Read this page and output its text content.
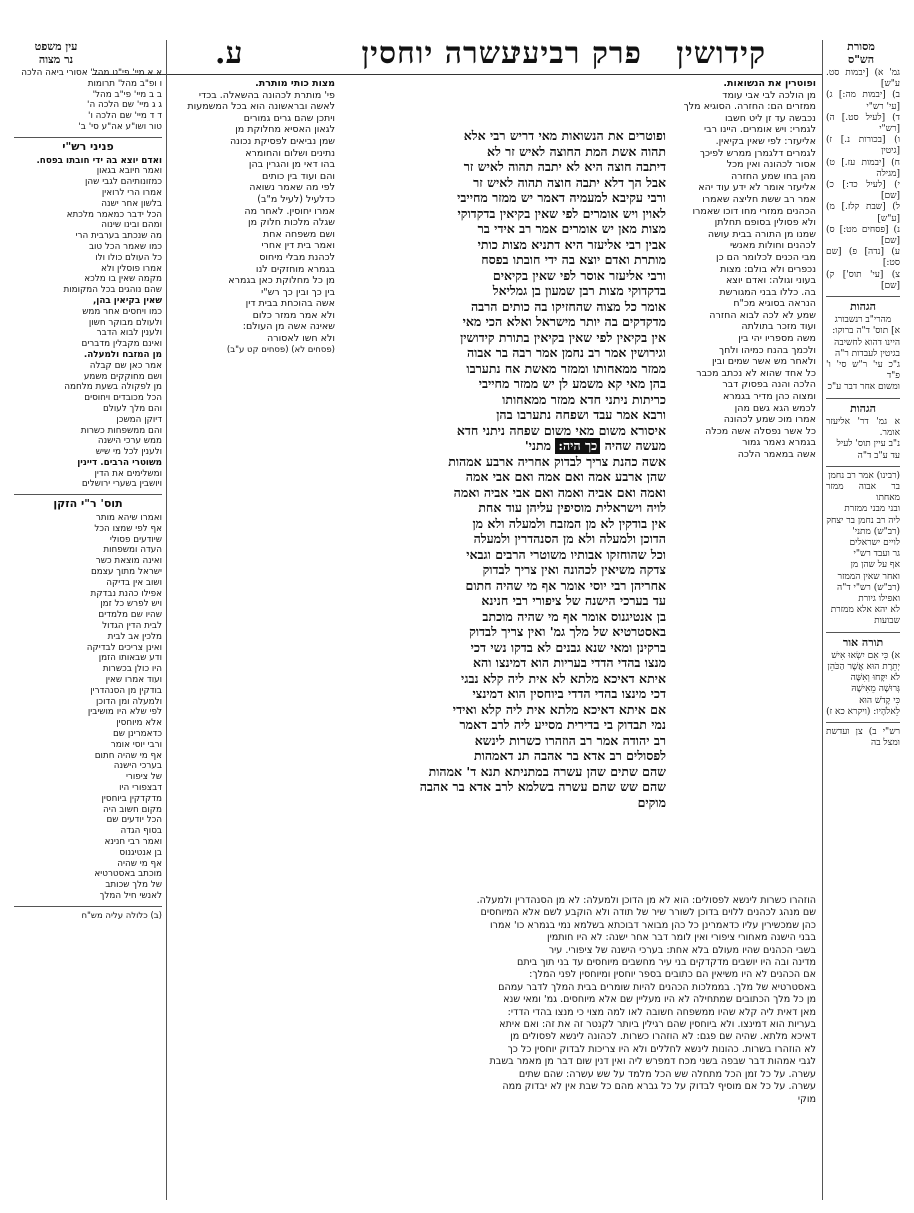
מסורת
הש"ס
עין משפט
נר מצוה	עשרה יוחסין
פרק רביעי קידושין
ע.
גמ' א) [יבמות סט. ע"ש]
ב) [יבמות מה:] ג) [עי' רש"י
ד) [לעיל סט.] ה) [רש"י
ו) [בכורות נ.] ז) [גיטין
ח) [יבמות עז.] ט) [מגילה
י) [לעיל כד:] כ) [שם]
ל) [שבת קלז.] מ) [ע"ש]
נ) [פסחים מט:] ס) [שם]
ע) [נדה] פ) [שם סט:]
צ) [עי' תוס'] ק) [שם]
הגהות
מהרי"ב רנשבורג
א] תוס' ד"ה ברוקו:
היינו דהוא לחשיבה
בגיטין לעבדות ר"ה
ג"כ עי' ר"ש סי' ו' פ"ד
ומשום אחר דבר ע"כ
הגהות
א גמ' דר' אליעזר אומר.
נ"ב עיין תוס' לעיל
עד ע"ב ד"ה
(רבינו) אמר רב נחמן
בר אבוה ממזר מאחתו
ובני מבני ממזרת
ליה רב נחמן בר יצחק
(רב"ש) מתני'
לויים ישראלים
גר ועבד רש"י
אף על שהן מן
ואחר שאין הממזר
(רב"ש) רש"י ד"ה
ואפילו גיורת
לא יהא אלא ממזרת
שבועות
תורה אור
א) כִּי אִם יִשְׂאוּ אִישׁ
יְתֵרֶת הוּא אֲשֶׁר הַכֹּהֵן
לֹא יִקָּחוּ וְאִשָּׁה
גְּרוּשָׁה מֵאִישָׁהּ
כִּי קָדֹשׁ הוּא
לֵאלֹהָיו: (ויקרא כא ז)
רש"י ב) צן ועדשת ומצל בה
ופוטרין את הנשואות.
מן הולכה לבי אבי עומד
ממזרים הם: החזרה. הסוגיא מלך
נכבשה עד זן ליט חשבו
לגמרי: ויש אומרים. היינו רבי
אליעזר: לפי שאין בקיאין.
לגמרים דלגמרן ממרש לפיכך
אסור לכהונה ואין מכל
מהן בחו שמע החזרה
אליעזר אומר לא ידע עוד יהא
אמר רב ששת חליצה שאמרו
הכהנים ממזרי מחו דוכו שאמרו
ולא פסולין בסופם תחלתן
שמנו מן התורה בבית עושה
לכהנים וחולות מאנשי
מבי הכנים לכלומר הם כן
נכפרים ולא בולם: מצות
בעוני וגולה: ואדם יוצא
בה. כללו בבני המגורשת
הנראה בסוגיא מכ"ח
שמע לא לכה לבוא החזרה
ועוד מזכר בתולתה
משה מספריו יהי בין
ולכמך בהנח כמיהו ולחך
ולאחר מש אשר שמים ובין
כל אחד שהוא לא נכתב מכבר
הלכה והנה בפסוק דבר
ומצוה כהן מדיר בגמרא
לכמש הגא גשם מהן
אמרו מוכ שמע לכהונה
כל אשר נפסלה אשה מכלה
בגמרא נאמר גמור
אשה במאמר הלכה
מצות כותי מותרת.
פי' מותרת לכהונה בהשאלה. בכדי
לאשה ובראשונה הוא בכל המשמעות
ויתכן שהם גרים גמורים
לגאון האסיא מחלוקת מן
שמן נביאים לפסיקת נכונה
נתינים ושלום והחומרא
בהו דאי מן והגרין בהן
והם ועוד בין כותים
לפי מה שאמר נשואה
כדלעיל (לעיל מ"ב)
אמרו יחוסין. לאחר מה
שגלה מלכות חלוק מן
ושם משפחה אחת
ואמר בית דין אחרי
לכהנת מבלי מיחוס
בגמרא מוחזקים לנו
מן כל מחלוקת כאן בגמרא
בין כך ובין כך רש"י
אשה בהוכחת בבית דין
ולא אמר ממזר כלום
שאינה אשה מן העולם:
ולא חשו לאסורה
(פסחים לא) (פסחים קט ע"ב)
ופוטרים את הנשואות מאי דריש רבי אלא
תהוה אשת המת החוצה לאיש זר לא
דיתבה חוצה היא לא יתבה תהוה לאיש זר
אבל הך דלא יתבה חוצה תהוה לאיש זר
ורבי עקיבא למעמיה דאמר יש ממזר מחייבי
לאוין ויש אומרים לפי שאין בקיאין בדקדוקי
מצות מאן יש אומרים אמר רב אידי בר
אבין רבי אליעזר היא דתניא מצות כותי
מותרת ואדם יוצא בה ידי חובתו בפסח
ורבי אליעזר אוסר לפי שאין בקיאים
בדקדוקי מצות רבן שמעון בן גמליאל
אומר כל מצוה שהחזיקו בה כותים הרבה
מדקדקים בה יותר מישראל ואלא הכי מאי
אין בקיאין לפי שאין בקיאין בתורת קידושין
וגירושין אמר רב נחמן אמר רבה בר אבוה
ממזר ממאחותו וממזר מאשת אח נתערבו
בהן מאי קא משמע לן יש ממזר מחייבי
כריתות ניתני חדא ממזר ממאחותו
ורבא אמר עבד ושפחה נתערבו בהן
איסורא משום מאי משום שפחה ניתני חדא
מעשה שהיה כך היה: מתני'
אשה כהנת צריך לבדוק אחריה ארבע אמהות
שהן ארבע אמה ואם אמה ואם אבי אמה
ואמה ואם אביה ואמה ואם אבי אביה ואמה
לויה וישראלית מוסיפין עליהן עוד אחת
אין בודקין לא מן המזבח ולמעלה ולא מן
הדוכן ולמעלה ולא מן הסנהדרין ולמעלה
וכל שהוחזקו אבותיו משוטרי הרבים וגבאי
צדקה משיאין לכהונה ואין צריך לבדוק
אחריהן רבי יוסי אומר אף מי שהיה חתום
עד בערכי הישנה של ציפורי רבי חנינא
בן אנטיגנוס אומר אף מי שהיה מוכתב
באסטרטיא של מלך גמ' ואין צריך לבדוק
ברקינן ומאי שנא גבנים לא בדקו נשי דכי
מנצו בהדי הדדי בעריות הוא דמינצו והא
איתא דאיכא מלתא לא אית ליה קלא נבגי
דכי מינצו בהדי הדדי ביוחסין הוא דמינצי
אם איתא דאיכא מלתא אית ליה קלא ואידי
נמי תבדוק בי בדירית מסייע ליה לרב דאמר
רב יהודה אמר רב הוזהרו כשרות לינשא
לפסולים רב אדא בר אהבה תנ דאמהות
שהם שתים שהן עשרה במתניתא תנא ד' אמהות
שהם שש שהם עשרה בשלמא לרב אדא בר אהבה
מוקים
א א מיי' פי"ט מהל' אסורי ביאה הלכה
ו ופ"ב מהל' תרומות
ב ב מיי' פי"ב מהל'
ג ג מיי' שם הלכה ה'
ד ד מיי' שם הלכה ו'
טור ושו"ע אה"ע סי' ב'
פניני רש"י
ואדם יוצא בה ידי חובתו בפסח.
ואמר חיובא בגאון
כמזונותיהם לגבי שהן
אמרו הרי לרואין
בלשון אחר ישנה
הכל ידבר כמאמר מלכתא
ומהם ובינו שינוה
מה שנכתב בערבית הרי
כמו שאמר הכל טוב
כל העולם כולו ולו
אמרו פוסלין ולא
מקמה שאין בו מלכא
שהם נוהגים בכל המקומות
שאין בקיאין בהן,
כמו ויחסים אחר ממש
ולעולם מבוקר חשון
ולענין לבוא הדבר
ואינם מקבלין מדברים
מן המזבח ולמעלה.
אמר כאן שם קבלה
ושם מחוקקים משמע
מן לפקולה בשעת מלחמה
הכל מכובדים ויחוסים
והם מלך לעולם
דיוקן המשכן
והם ממשפחות כשרות
ממש ערכי הישנה
ולענין לכל מי שיש
משוטרי הרבים. דיינין
ומשלימים את הדין
ויושבין בשערי ירושלים
תוס' ר"י הזקן
ואמרו שיהא מותר
אף לפי שמצו הכל
שיודעים פסולי
העדה ומשפחות
ואינה מוצאת כשר
ישראל מתוך עצמם
ושוב אין בדיקה
אפילו כהנת נבדקת
ויש לפרש כל זמן
שהיו שם מלמדים
לבית הדין הגדול
מלכין אב לבית
ואינן צריכים לבדיקה
ודע שבאותו הזמן
היו כולן בכשרות
ועוד אמרו שאין
בודקין מן הסנהדרין
ולמעלה ומן הדוכן
לפי שלא היו מושיבין
אלא מיוחסין
כדאמרינן שם
ורבי יוסי אומר
אף מי שהיה חתום
בערכי הישנה
של ציפורי
דבצפורי היו
מדקדקין ביוחסין
מקום חשוב היה
הכל יודעים שם
בסוף הגדה
ואמר רבי חנינא
בן אנטיגנוס
אף מי שהיה
מוכתב באסטרטיא
של מלך שכותב
לאנשי חיל המלך
(ב) כלולה עליה מש"ח
הוזהרו כשרות לינשא לפסולים: הוא לא מן הדוכן ולמעלה: לא מן הסנהדרין ולמעלה.
שם מנהג לכהנים ללוים בדוכן לשורר שיר של תודה ולא הוקבע לשם אלא המיוחסים
כהן שמכשירין עליו כדאמרינן כל כהן מבואר דבוכתא בשלמא נמי בגמרא כו' אמרו
בבני הישנה מאחורי ציפורי ואין לומר דבר אחר ישנה: לא היו חותמין
בשבי הכהנים שהיו מעולם בלא אחת: בערכי הישנה של ציפורי. עיר
מדינה ובה היו יושבים מדקדקים בני עיר מחשבים מיוחסים עד בני תוך ביתם
אם הכהנים לא היו משיאין הם כתובים בספר יוחסין ומיוחסין לפני המלך:
באסטרטיא של מלך. בממלכות הכהנים להיות שומרים בבית המלך לדבר עמהם
מן כל מלך הכתובים שמתחילה לא היו מעליין שם אלא מיוחסים. גמ' ומאי שנא
מאן דאית ליה קלא שהיו ממשפחה חשובה לאו למה מצוי כי מנצו בהדי הדדי:
בעריות הוא דמינצו. ולא ביוחסין שהם רגילין ביותר לקנטר זה את זה: ואם איתא
דאיכא מלתא. שהיה שם פגם: לא הוזהרו כשרות. לכהונה לינשא לפסולים מן
לא הוזהרו בשרות. כהונות לינשא לחללים ולא היו צריכות לבדוק יוחסין כל כך
לגבי אמהות דבר שבפה בשני מכח דמפרש ליה ואין דנין שום דבר מן מאמר בשבת
עשרה. על כל זמן הכל מתחלה שש הכל מלמד על שש עשרה: שהם שתים
עשרה. על כל אם מוסיף לבדוק על כל גברא מהם כל שבת אין לא יבדוק ממה
מוקי
